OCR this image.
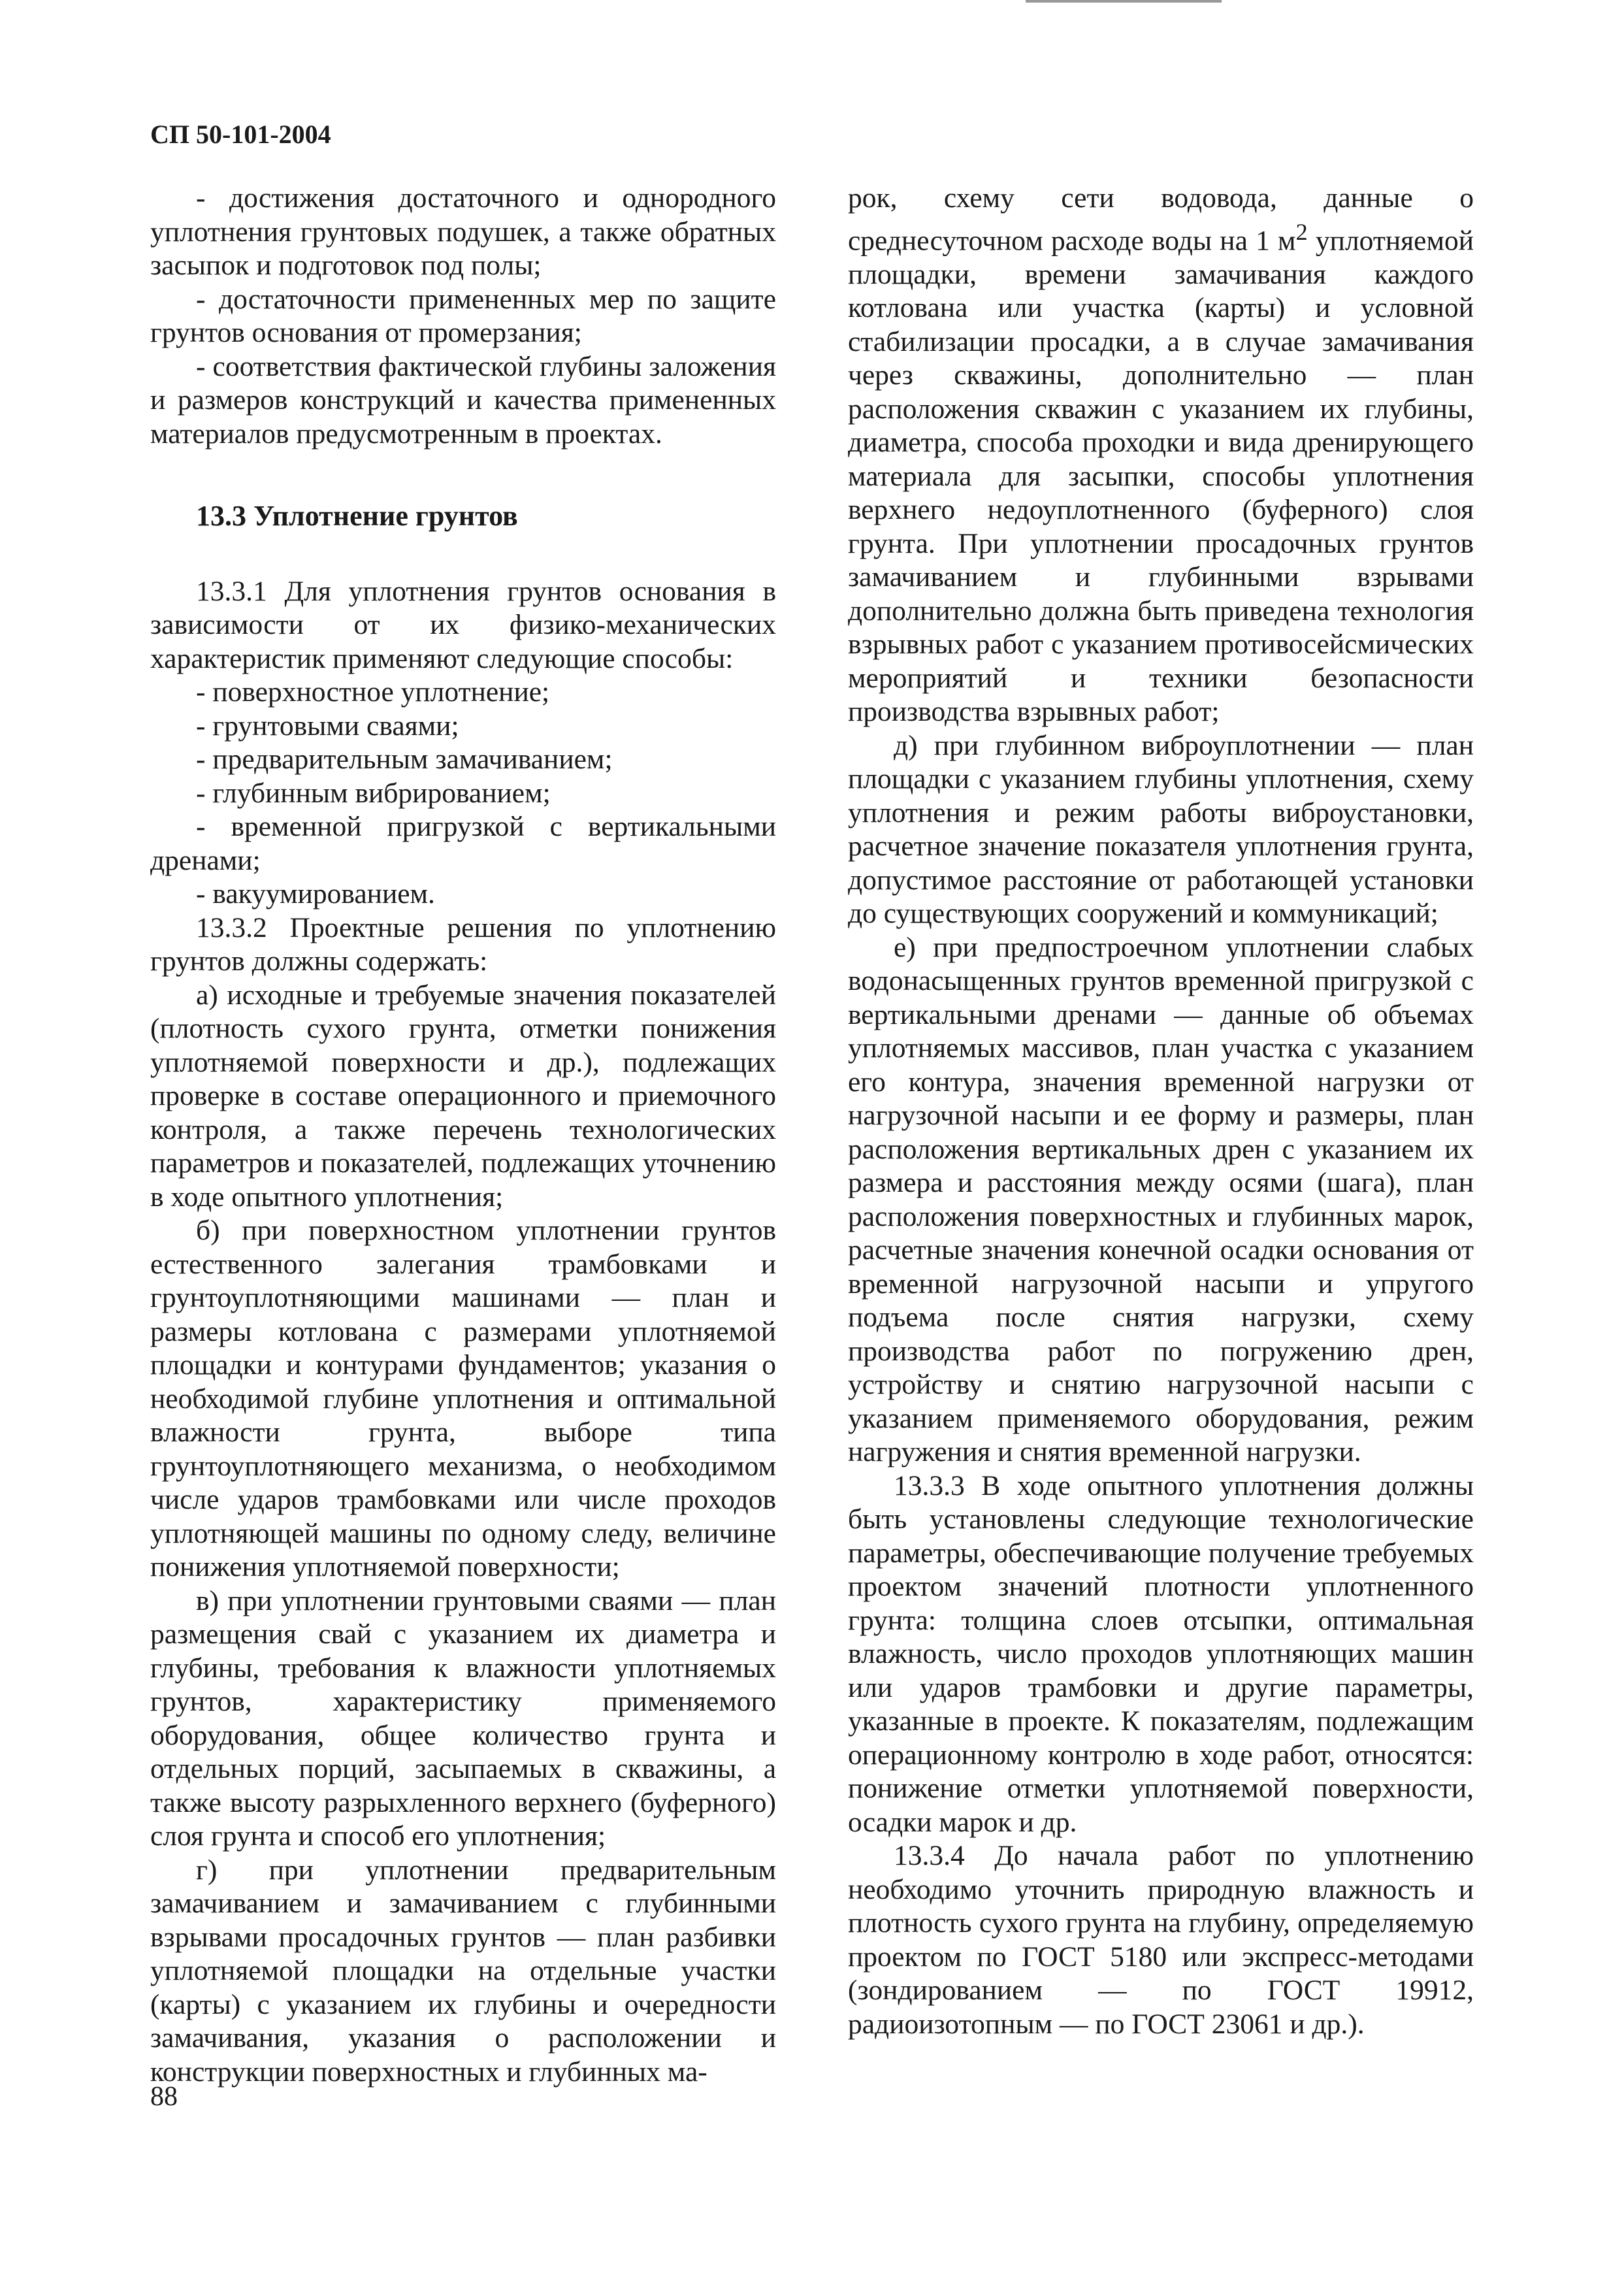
СП 50-101-2004

- достижения достаточного и однородного уплотнения грунтовых подушек, а также обратных засыпок и подготовок под полы;

- достаточности примененных мер по защите грунтов основания от промерзания;

- соответствия фактической глубины заложения и размеров конструкций и качества примененных материалов предусмотренным в проектах.

13.3 Уплотнение грунтов

13.3.1 Для уплотнения грунтов основания в зависимости от их физико-механических характеристик применяют следующие способы:

- поверхностное уплотнение;

- грунтовыми сваями;

- предварительным замачиванием;

- глубинным вибрированием;

- временной пригрузкой с вертикальными дренами;

- вакуумированием.

13.3.2 Проектные решения по уплотнению грунтов должны содержать:

а) исходные и требуемые значения показателей (плотность сухого грунта, отметки понижения уплотняемой поверхности и др.), подлежащих проверке в составе операционного и приемочного контроля, а также перечень технологических параметров и показателей, подлежащих уточнению в ходе опытного уплотнения;

б) при поверхностном уплотнении грунтов естественного залегания трамбовками и грунтоуплотняющими машинами — план и размеры котлована с размерами уплотняемой площадки и контурами фундаментов; указания о необходимой глубине уплотнения и оптимальной влажности грунта, выборе типа грунтоуплотняющего механизма, о необходимом числе ударов трамбовками или числе проходов уплотняющей машины по одному следу, величине понижения уплотняемой поверхности;

в) при уплотнении грунтовыми сваями — план размещения свай с указанием их диаметра и глубины, требования к влажности уплотняемых грунтов, характеристику применяемого оборудования, общее количество грунта и отдельных порций, засыпаемых в скважины, а также высоту разрыхленного верхнего (буферного) слоя грунта и способ его уплотнения;

г) при уплотнении предварительным замачиванием и замачиванием с глубинными взрывами просадочных грунтов — план разбивки уплотняемой площадки на отдельные участки (карты) с указанием их глубины и очередности замачивания, указания о расположении и конструкции поверхностных и глубинных ма-

рок, схему сети водовода, данные о среднесуточном расходе воды на 1 $м^2$ уплотняемой площадки, времени замачивания каждого котлована или участка (карты) и условной стабилизации просадки, а в случае замачивания через скважины, дополнительно — план расположения скважин с указанием их глубины, диаметра, способа проходки и вида дренирующего материала для засыпки, способы уплотнения верхнего недоуплотненного (буферного) слоя грунта. При уплотнении просадочных грунтов замачиванием и глубинными взрывами дополнительно должна быть приведена технология взрывных работ с указанием противосейсмических мероприятий и техники безопасности производства взрывных работ;

д) при глубинном виброуплотнении — план площадки с указанием глубины уплотнения, схему уплотнения и режим работы виброустановки, расчетное значение показателя уплотнения грунта, допустимое расстояние от работающей установки до существующих сооружений и коммуникаций;

е) при предпостроечном уплотнении слабых водонасыщенных грунтов временной пригрузкой с вертикальными дренами — данные об объемах уплотняемых массивов, план участка с указанием его контура, значения временной нагрузки от нагрузочной насыпи и ее форму и размеры, план расположения вертикальных дрен с указанием их размера и расстояния между осями (шага), план расположения поверхностных и глубинных марок, расчетные значения конечной осадки основания от временной нагрузочной насыпи и упругого подъема после снятия нагрузки, схему производства работ по погружению дрен, устройству и снятию нагрузочной насыпи с указанием применяемого оборудования, режим нагружения и снятия временной нагрузки.

13.3.3 В ходе опытного уплотнения должны быть установлены следующие технологические параметры, обеспечивающие получение требуемых проектом значений плотности уплотненного грунта: толщина слоев отсыпки, оптимальная влажность, число проходов уплотняющих машин или ударов трамбовки и другие параметры, указанные в проекте. К показателям, подлежащим операционному контролю в ходе работ, относятся: понижение отметки уплотняемой поверхности, осадки марок и др.

13.3.4 До начала работ по уплотнению необходимо уточнить природную влажность и плотность сухого грунта на глубину, определяемую проектом по ГОСТ 5180 или экспресс-методами (зондированием — по ГОСТ 19912, радиоизотопным — по ГОСТ 23061 и др.).

88
